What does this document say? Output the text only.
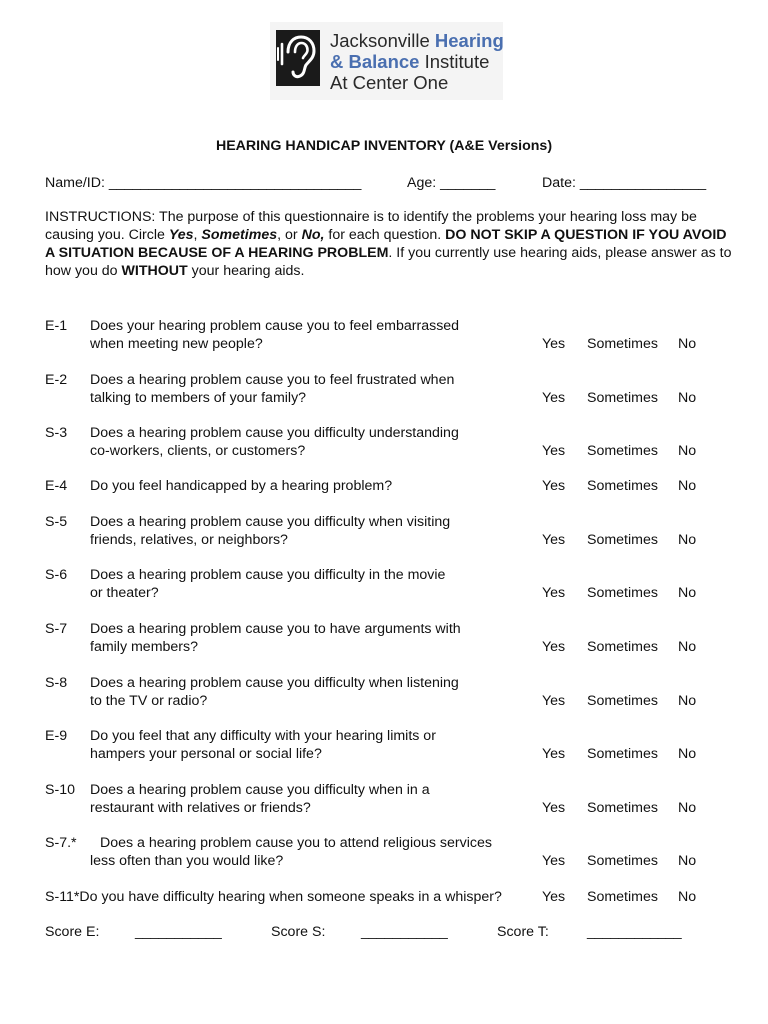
Jacksonville Hearing
& Balance Institute
At Center One
HEARING HANDICAP INVENTORY (A&E Versions)
Name/ID: ________________________________	Age: _______	Date: ________________
INSTRUCTIONS: The purpose of this questionnaire is to identify the problems your hearing loss may be causing you. Circle Yes, Sometimes, or No, for each question. DO NOT SKIP A QUESTION IF YOU AVOID A SITUATION BECAUSE OF A HEARING PROBLEM. If you currently use hearing aids, please answer as to how you do WITHOUT your hearing aids.
E-1 Does your hearing problem cause you to feel embarrassed
when meeting new people?	Yes Sometimes No
E-2 Does a hearing problem cause you to feel frustrated when
talking to members of your family?	Yes Sometimes No
S-3 Does a hearing problem cause you difficulty understanding
co-workers, clients, or customers?	Yes Sometimes No
E-4 Do you feel handicapped by a hearing problem?	Yes Sometimes No
S-5 Does a hearing problem cause you difficulty when visiting
friends, relatives, or neighbors?	Yes Sometimes No
S-6 Does a hearing problem cause you difficulty in the movie
or theater?	Yes Sometimes No
S-7 Does a hearing problem cause you to have arguments with
family members?	Yes Sometimes No
S-8 Does a hearing problem cause you difficulty when listening
to the TV or radio?	Yes Sometimes No
E-9 Do you feel that any difficulty with your hearing limits or
hampers your personal or social life?	Yes Sometimes No
S-10 Does a hearing problem cause you difficulty when in a
restaurant with relatives or friends?	Yes Sometimes No
S-7.* Does a hearing problem cause you to attend religious services
less often than you would like?	Yes Sometimes No
S-11*Do you have difficulty hearing when someone speaks in a whisper?	Yes Sometimes No
Score E:	___________	Score S:	___________	Score T:	____________
